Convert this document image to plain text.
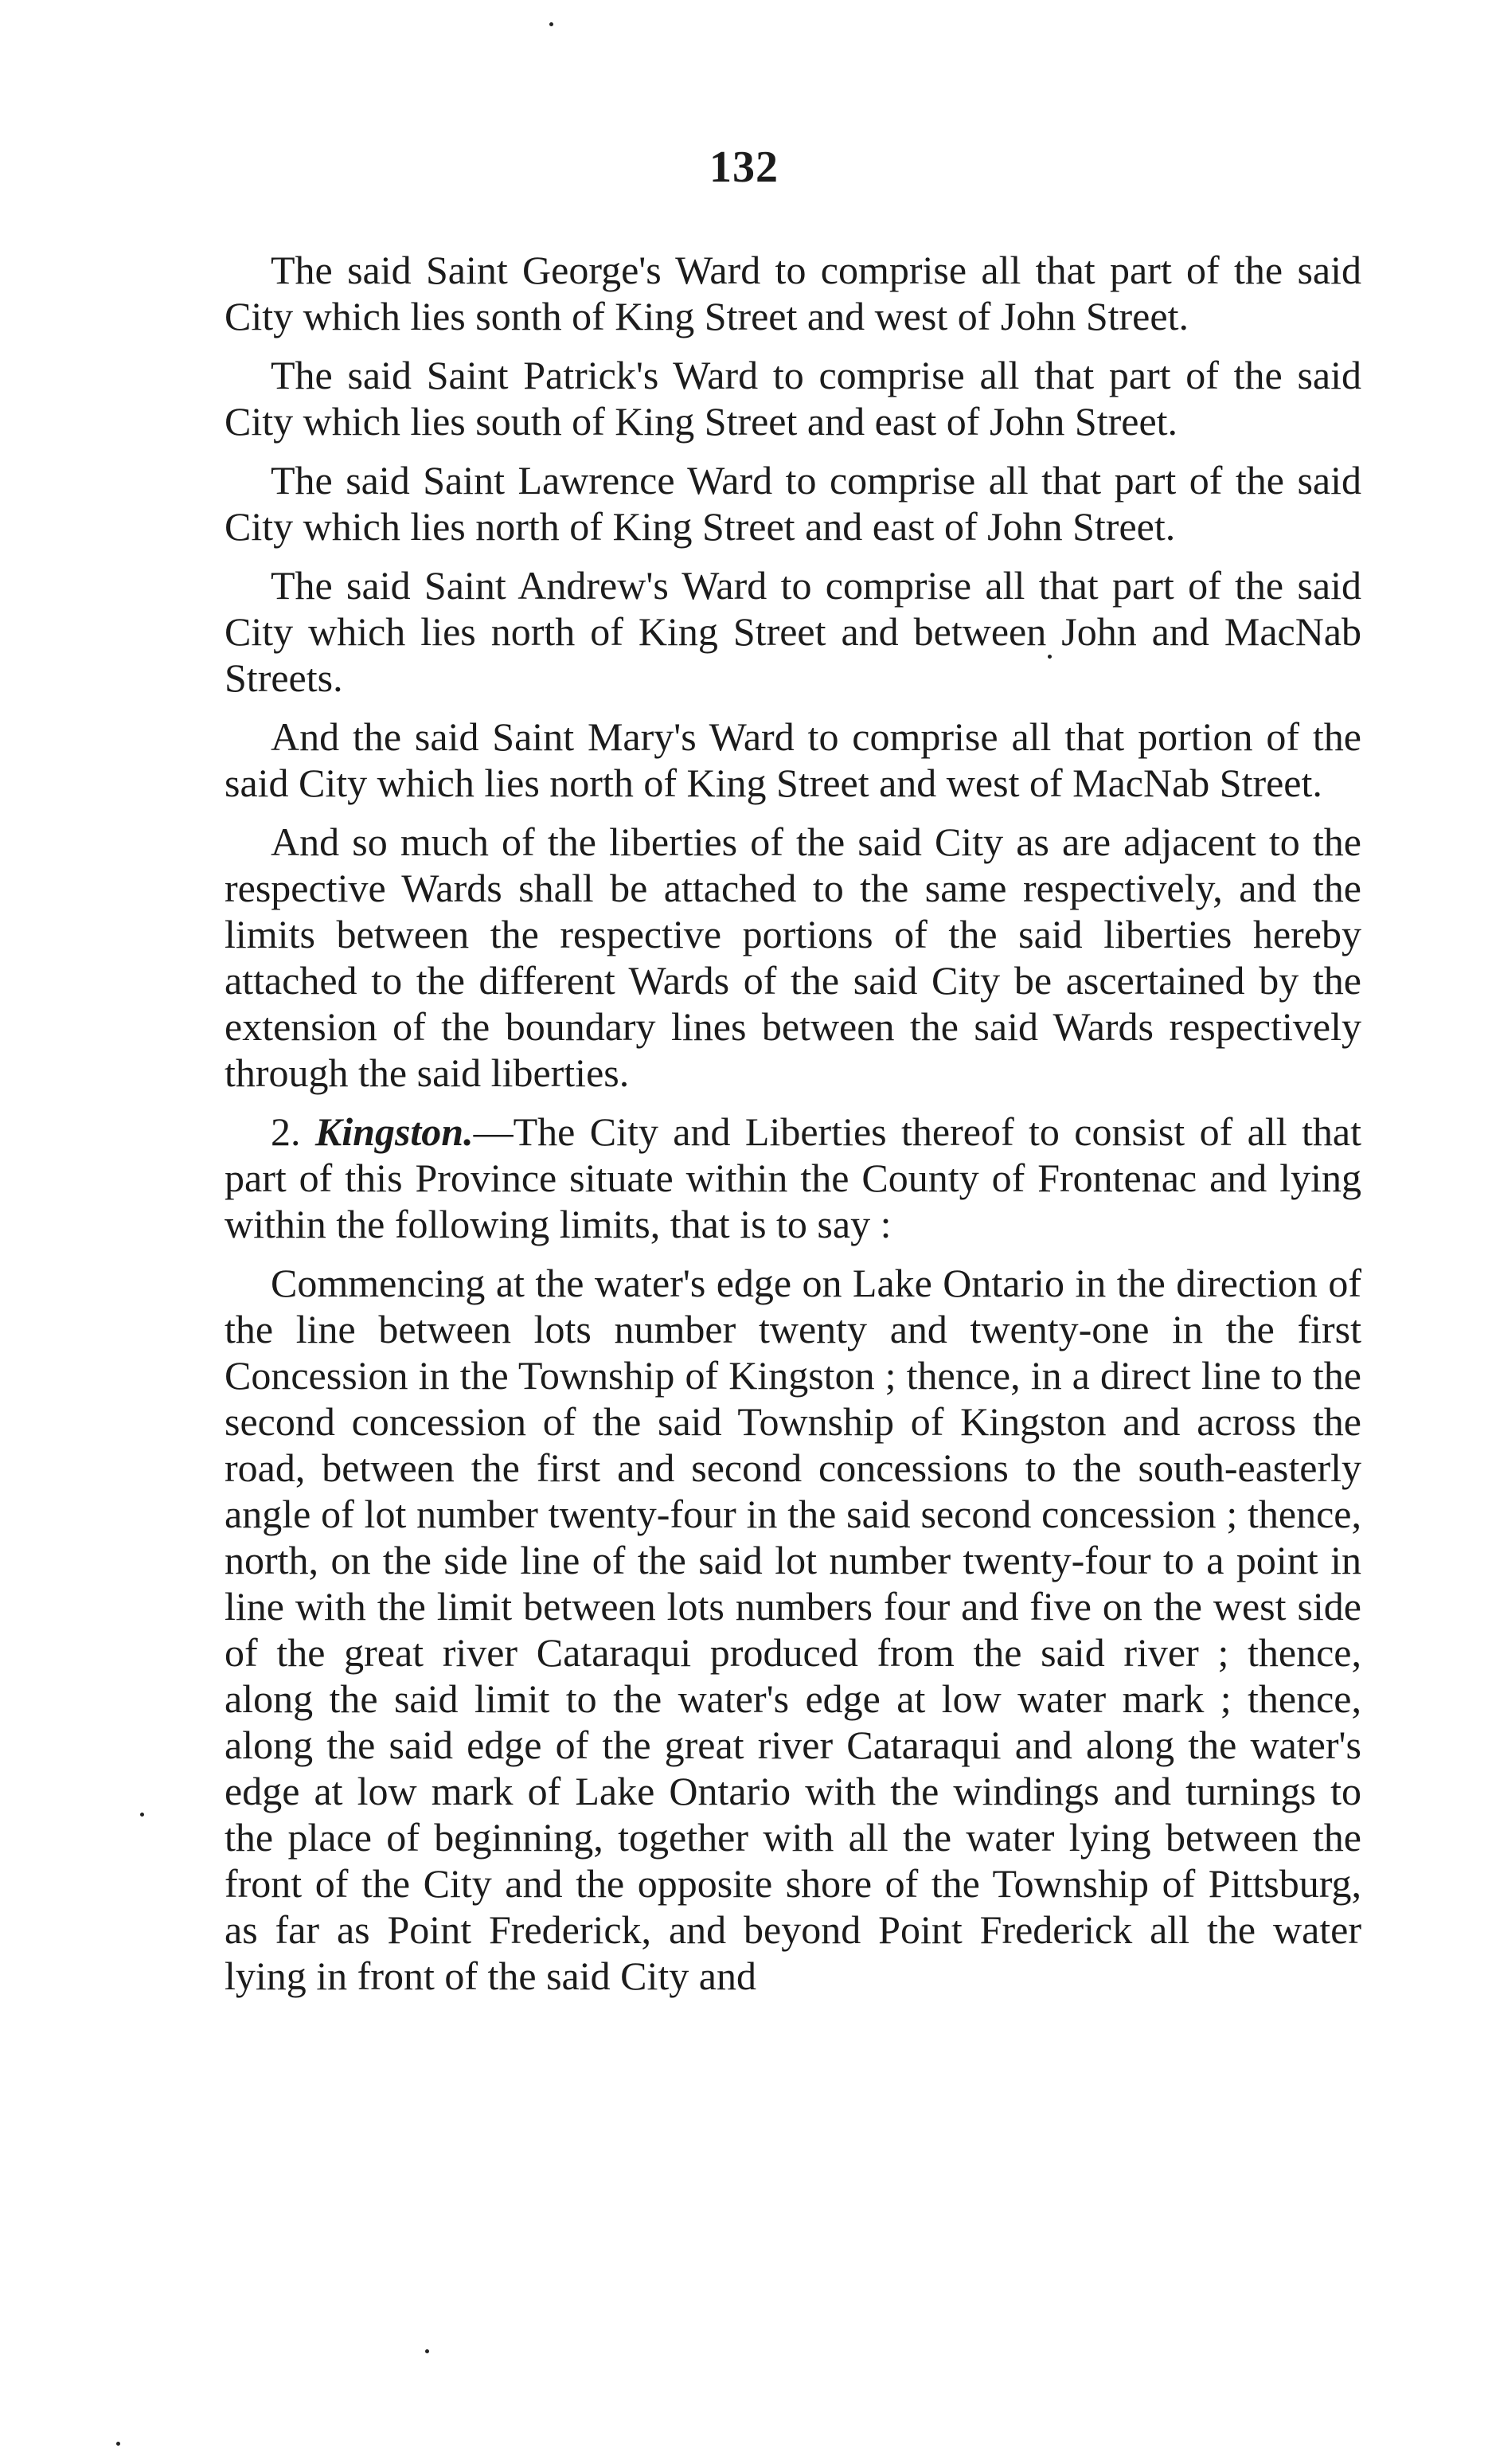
132

The said Saint George's Ward to comprise all that part of the said City which lies sonth of King Street and west of John Street.

The said Saint Patrick's Ward to comprise all that part of the said City which lies south of King Street and east of John Street.

The said Saint Lawrence Ward to comprise all that part of the said City which lies north of King Street and east of John Street.

The said Saint Andrew's Ward to comprise all that part of the said City which lies north of King Street and between John and MacNab Streets.

And the said Saint Mary's Ward to comprise all that portion of the said City which lies north of King Street and west of MacNab Street.

And so much of the liberties of the said City as are adjacent to the respective Wards shall be attached to the same respectively, and the limits between the respective portions of the said liberties hereby attached to the different Wards of the said City be ascertained by the extension of the boundary lines between the said Wards respectively through the said liberties.

2. Kingston.—The City and Liberties thereof to consist of all that part of this Province situate within the County of Frontenac and lying within the following limits, that is to say :

Commencing at the water's edge on Lake Ontario in the direction of the line between lots number twenty and twenty-one in the first Concession in the Township of Kingston ; thence, in a direct line to the second concession of the said Township of Kingston and across the road, between the first and second concessions to the south-easterly angle of lot number twenty-four in the said second concession ; thence, north, on the side line of the said lot number twenty-four to a point in line with the limit between lots numbers four and five on the west side of the great river Cataraqui produced from the said river ; thence, along the said limit to the water's edge at low water mark ; thence, along the said edge of the great river Cataraqui and along the water's edge at low mark of Lake Ontario with the windings and turnings to the place of beginning, together with all the water lying between the front of the City and the opposite shore of the Township of Pittsburg, as far as Point Frederick, and beyond Point Frederick all the water lying in front of the said City and
